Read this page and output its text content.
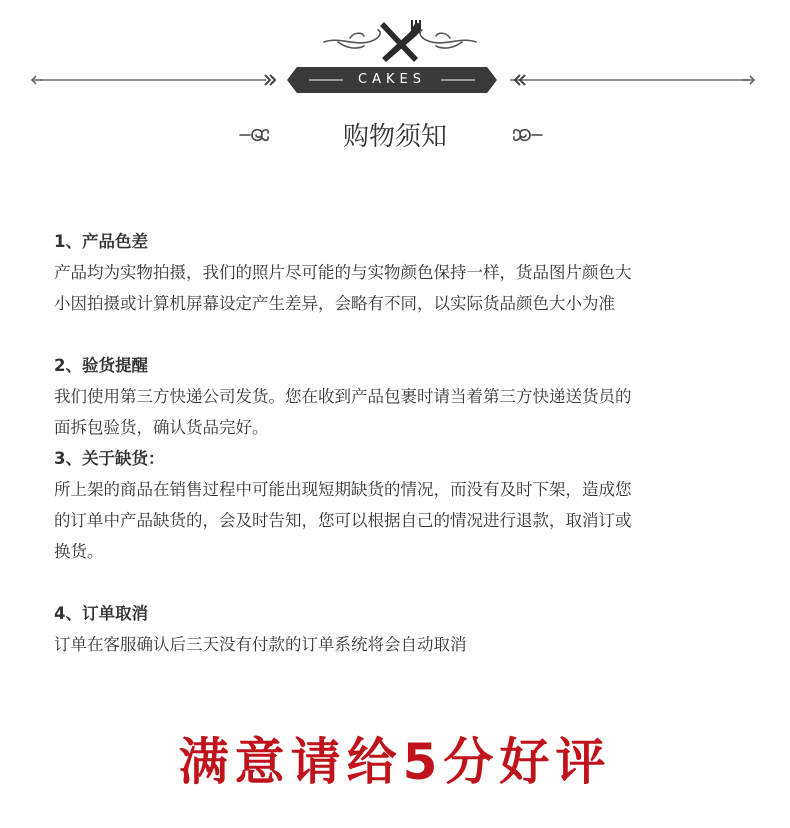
CAKES
购物须知

1、产品色差

产品均为实物拍摄，我们的照片尽可能的与实物颜色保持一样，货品图片颜色大

小因拍摄或计算机屏幕设定产生差异，会略有不同，以实际货品颜色大小为准

2、验货提醒

我们使用第三方快递公司发货。您在收到产品包裹时请当着第三方快递送货员的

面拆包验货，确认货品完好。

3、关于缺货：

所上架的商品在销售过程中可能出现短期缺货的情况，而没有及时下架，造成您

的订单中产品缺货的，会及时告知，您可以根据自己的情况进行退款，取消订或

换货。

4、订单取消

订单在客服确认后三天没有付款的订单系统将会自动取消

满意请给5分好评
